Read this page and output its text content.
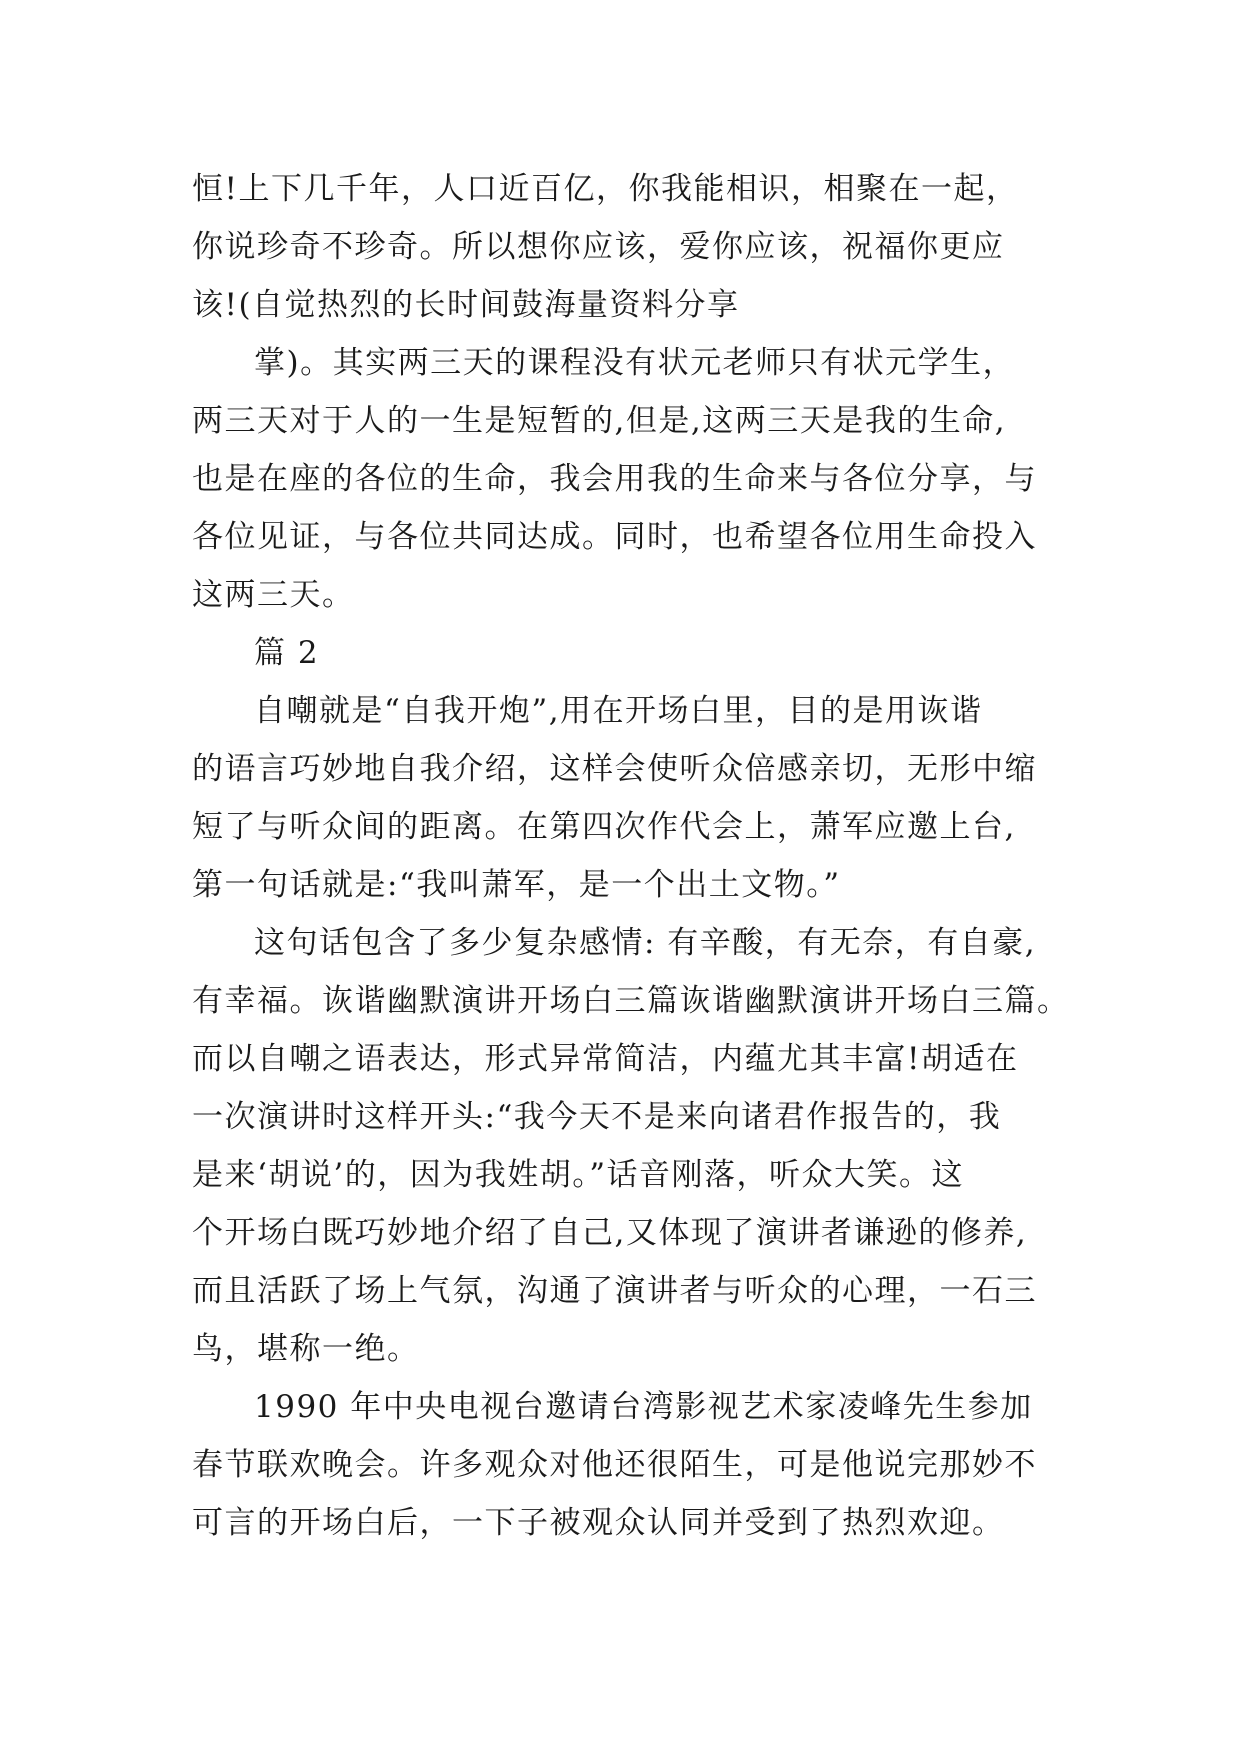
恒!上下几千年，人口近百亿，你我能相识，相聚在一起，
你说珍奇不珍奇。所以想你应该，爱你应该，祝福你更应
该!(自觉热烈的长时间鼓海量资料分享
掌)。其实两三天的课程没有状元老师只有状元学生，
两三天对于人的一生是短暂的,但是,这两三天是我的生命,
也是在座的各位的生命，我会用我的生命来与各位分享，与
各位见证，与各位共同达成。同时，也希望各位用生命投入
这两三天。
篇 2
自嘲就是“自我开炮”,用在开场白里，目的是用诙谐
的语言巧妙地自我介绍，这样会使听众倍感亲切，无形中缩
短了与听众间的距离。在第四次作代会上，萧军应邀上台,
第一句话就是:“我叫萧军，是一个出土文物。”
这句话包含了多少复杂感情: 有辛酸，有无奈，有自豪,
有幸福。诙谐幽默演讲开场白三篇诙谐幽默演讲开场白三篇。
而以自嘲之语表达，形式异常简洁，内蕴尤其丰富!胡适在
一次演讲时这样开头:“我今天不是来向诸君作报告的，我
是来‘胡说’的，因为我姓胡。”话音刚落，听众大笑。这
个开场白既巧妙地介绍了自己,又体现了演讲者谦逊的修养,
而且活跃了场上气氛，沟通了演讲者与听众的心理，一石三
鸟，堪称一绝。
1990 年中央电视台邀请台湾影视艺术家凌峰先生参加
春节联欢晚会。许多观众对他还很陌生，可是他说完那妙不
可言的开场白后，一下子被观众认同并受到了热烈欢迎。
